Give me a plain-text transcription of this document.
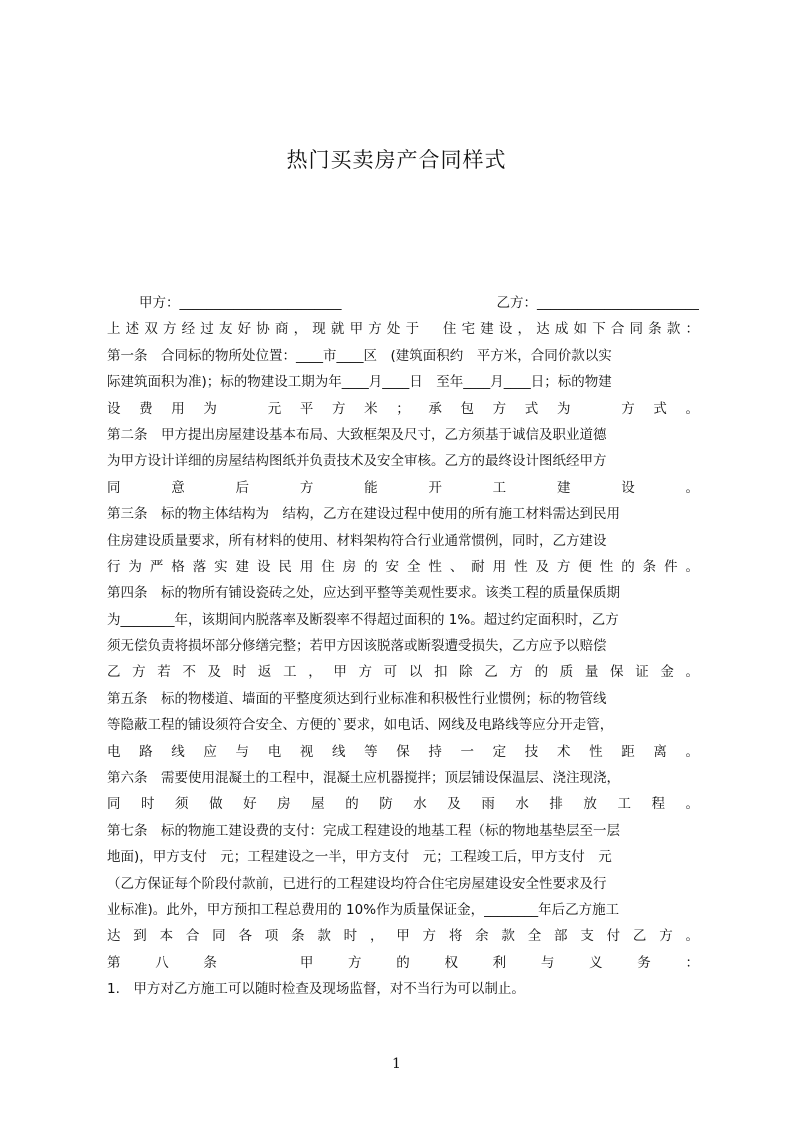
热门买卖房产合同样式
甲方：________________________	乙方：________________________
上述双方经过友好协商，现就甲方处于　住宅建设，达成如下合同条款：
第一条　合同标的物所处位置：____市____区　(建筑面积约　平方米，合同价款以实
际建筑面积为准)；标的物建设工期为年____月____日　至年____月____日；标的物建
设费用为　元平方米；承包方式为　方式。
第二条　甲方提出房屋建设基本布局、大致框架及尺寸，乙方须基于诚信及职业道德
为甲方设计详细的房屋结构图纸并负责技术及安全审核。乙方的最终设计图纸经甲方
同意后方能开工建设。
第三条　标的物主体结构为　结构，乙方在建设过程中使用的所有施工材料需达到民用
住房建设质量要求，所有材料的使用、材料架构符合行业通常惯例，同时，乙方建设
行为严格落实建设民用住房的安全性、耐用性及方便性的条件。
第四条　标的物所有铺设瓷砖之处，应达到平整等美观性要求。该类工程的质量保质期
为________年，该期间内脱落率及断裂率不得超过面积的 1%。超过约定面积时，乙方
须无偿负责将损坏部分修缮完整；若甲方因该脱落或断裂遭受损失，乙方应予以赔偿
乙方若不及时返工，甲方可以扣除乙方的质量保证金。
第五条　标的物楼道、墙面的平整度须达到行业标准和积极性行业惯例；标的物管线
等隐蔽工程的铺设须符合安全、方便的`要求，如电话、网线及电路线等应分开走管，
电路线应与电视线等保持一定技术性距离。
第六条　需要使用混凝土的工程中，混凝土应机器搅拌；顶层铺设保温层、浇注现浇，
同时须做好房屋的防水及雨水排放工程。
第七条　标的物施工建设费的支付：完成工程建设的地基工程（标的物地基垫层至一层
地面)，甲方支付　元；工程建设之一半，甲方支付　元；工程竣工后，甲方支付　元
（乙方保证每个阶段付款前，已进行的工程建设均符合住宅房屋建设安全性要求及行
业标准)。此外，甲方预扣工程总费用的 10%作为质量保证金，________年后乙方施工
达到本合同各项条款时，甲方将余款全部支付乙方。
第八条　甲方的权利与义务：
1.　甲方对乙方施工可以随时检查及现场监督，对不当行为可以制止。
1
